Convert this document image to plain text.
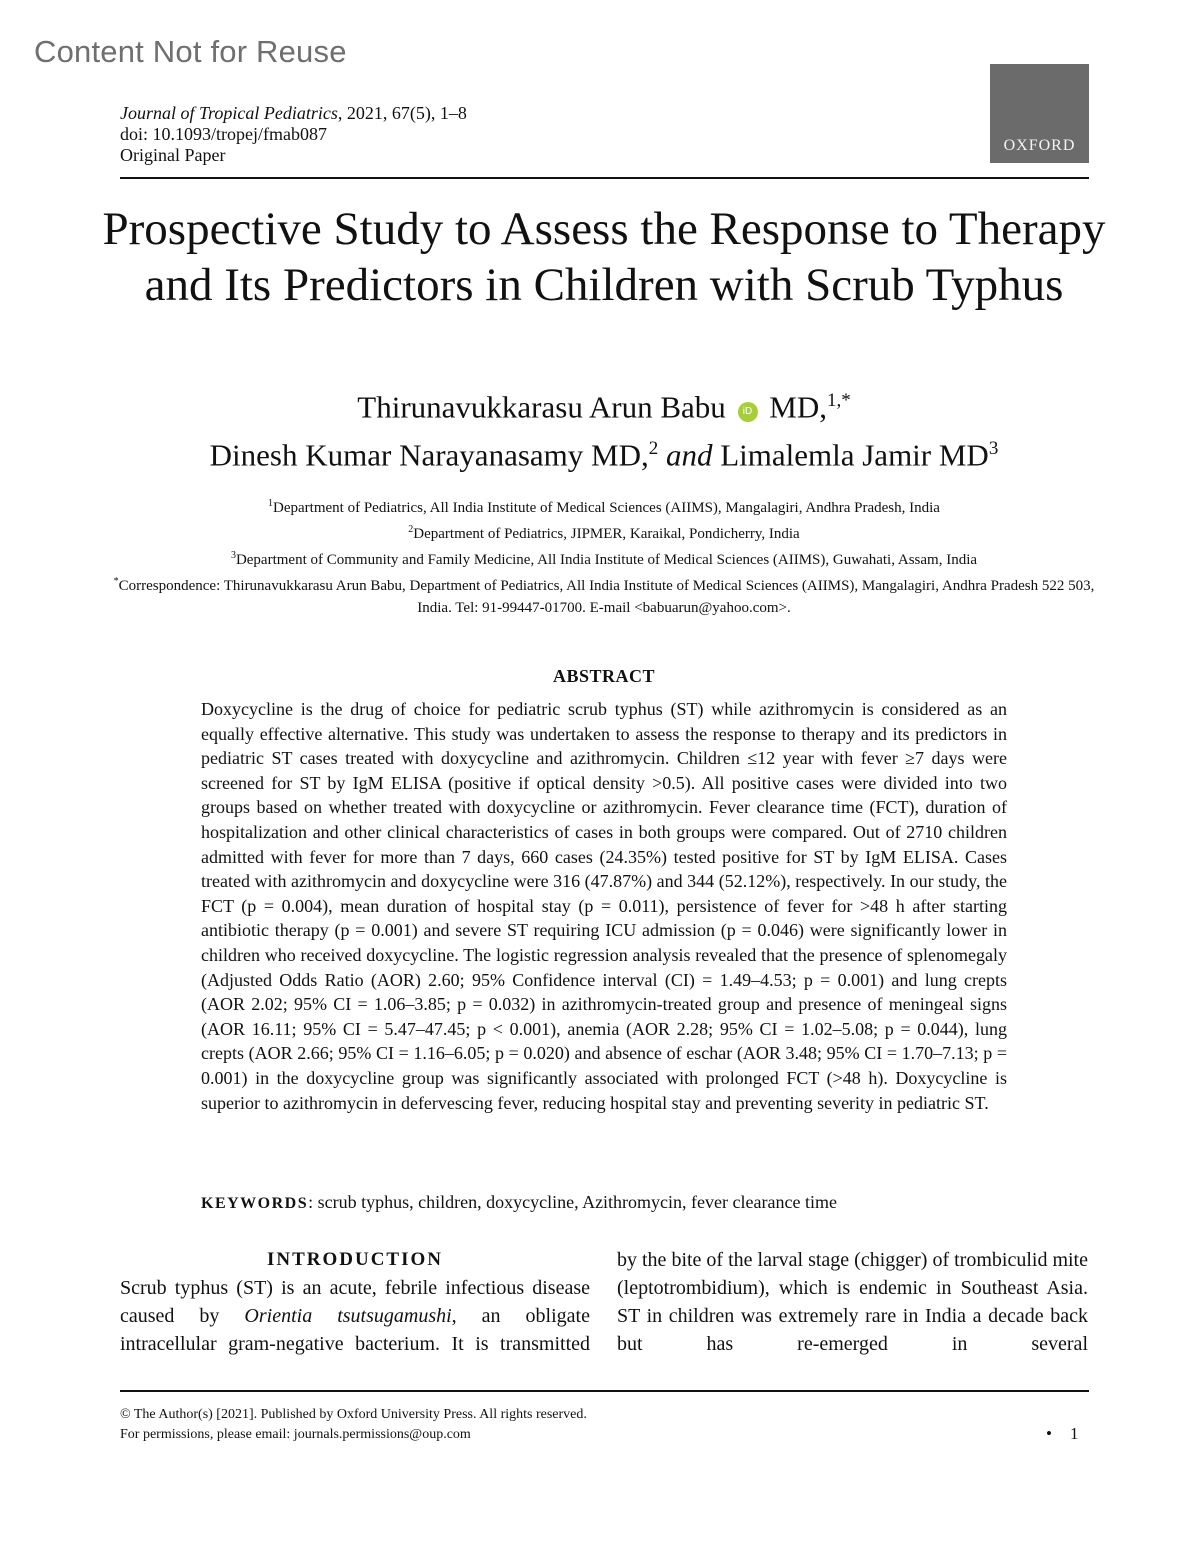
Content Not for Reuse
Journal of Tropical Pediatrics, 2021, 67(5), 1–8
doi: 10.1093/tropej/fmab087
Original Paper	OXFORD
Prospective Study to Assess the Response to Therapy and Its Predictors in Children with Scrub Typhus
Thirunavukkarasu Arun Babu iD MD,$^{1,*}$
Dinesh Kumar Narayanasamy MD,$^2$ and Limalemla Jamir $MD^3$
$^1$Department of Pediatrics, All India Institute of Medical Sciences (AIIMS), Mangalagiri, Andhra Pradesh, India
$^2$Department of Pediatrics, JIPMER, Karaikal, Pondicherry, India
$^3$Department of Community and Family Medicine, All India Institute of Medical Sciences (AIIMS), Guwahati, Assam, India
*Correspondence: Thirunavukkarasu Arun Babu, Department of Pediatrics, All India Institute of Medical Sciences (AIIMS), Mangalagiri, Andhra Pradesh 522 503, India. Tel: 91-99447-01700. E-mail <babuarun@yahoo.com>.
ABSTRACT

Doxycycline is the drug of choice for pediatric scrub typhus (ST) while azithromycin is considered as an equally effective alternative. This study was undertaken to assess the response to therapy and its predictors in pediatric ST cases treated with doxycycline and azithromycin. Children ≤12 year with fever ≥7 days were screened for ST by IgM ELISA (positive if optical density >0.5). All positive cases were divided into two groups based on whether treated with doxycycline or azithromycin. Fever clearance time (FCT), duration of hospitalization and other clinical characteristics of cases in both groups were compared. Out of 2710 children admitted with fever for more than 7 days, 660 cases (24.35%) tested positive for ST by IgM ELISA. Cases treated with azithromycin and doxycycline were 316 (47.87%) and 344 (52.12%), respectively. In our study, the FCT (p = 0.004), mean duration of hospital stay (p = 0.011), persistence of fever for >48 h after starting antibiotic therapy (p = 0.001) and severe ST requiring ICU admission (p = 0.046) were significantly lower in children who received doxycycline. The logistic regression analysis revealed that the presence of splenomegaly (Adjusted Odds Ratio (AOR) 2.60; 95% Confidence interval (CI) = 1.49–4.53; p = 0.001) and lung crepts (AOR 2.02; 95% CI = 1.06–3.85; p = 0.032) in azithromycin-treated group and presence of meningeal signs (AOR 16.11; 95% CI = 5.47–47.45; p < 0.001), anemia (AOR 2.28; 95% CI = 1.02–5.08; p = 0.044), lung crepts (AOR 2.66; 95% CI = 1.16–6.05; p = 0.020) and absence of eschar (AOR 3.48; 95% CI = 1.70–7.13; p = 0.001) in the doxycycline group was significantly associated with prolonged FCT (>48 h). Doxycycline is superior to azithromycin in defervescing fever, reducing hospital stay and preventing severity in pediatric ST.

KEYWORDS: scrub typhus, children, doxycycline, Azithromycin, fever clearance time
INTRODUCTION

Scrub typhus (ST) is an acute, febrile infectious disease caused by Orientia tsutsugamushi, an obligate intracellular gram-negative bacterium. It is transmitted

by the bite of the larval stage (chigger) of trombiculid mite (leptotrombidium), which is endemic in Southeast Asia. ST in children was extremely rare in India a decade back but has re-emerged in several

© The Author(s) [2021]. Published by Oxford University Press. All rights reserved.
For permissions, please email: journals.permissions@oup.com	• 1
